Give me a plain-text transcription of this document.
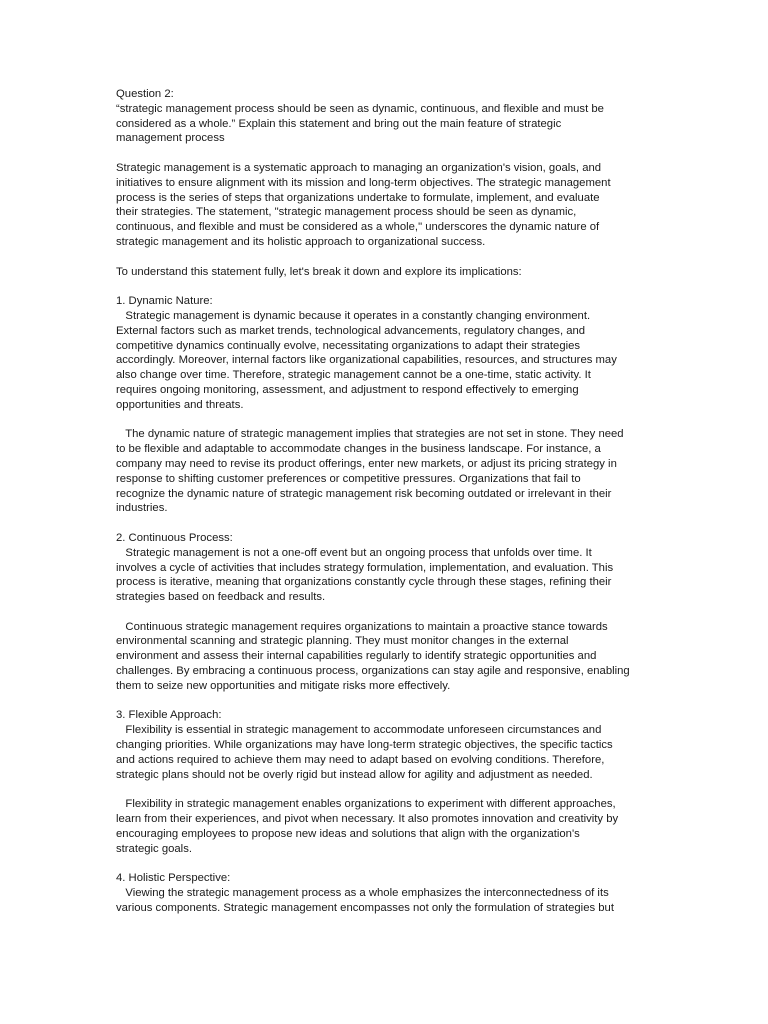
Question 2:
“strategic management process should be seen as dynamic, continuous, and flexible and must be
considered as a whole.” Explain this statement and bring out the main feature of strategic
management process
Strategic management is a systematic approach to managing an organization's vision, goals, and
initiatives to ensure alignment with its mission and long-term objectives. The strategic management
process is the series of steps that organizations undertake to formulate, implement, and evaluate
their strategies. The statement, "strategic management process should be seen as dynamic,
continuous, and flexible and must be considered as a whole," underscores the dynamic nature of
strategic management and its holistic approach to organizational success.
To understand this statement fully, let's break it down and explore its implications:
1. Dynamic Nature:
Strategic management is dynamic because it operates in a constantly changing environment.
External factors such as market trends, technological advancements, regulatory changes, and
competitive dynamics continually evolve, necessitating organizations to adapt their strategies
accordingly. Moreover, internal factors like organizational capabilities, resources, and structures may
also change over time. Therefore, strategic management cannot be a one-time, static activity. It
requires ongoing monitoring, assessment, and adjustment to respond effectively to emerging
opportunities and threats.
The dynamic nature of strategic management implies that strategies are not set in stone. They need
to be flexible and adaptable to accommodate changes in the business landscape. For instance, a
company may need to revise its product offerings, enter new markets, or adjust its pricing strategy in
response to shifting customer preferences or competitive pressures. Organizations that fail to
recognize the dynamic nature of strategic management risk becoming outdated or irrelevant in their
industries.
2. Continuous Process:
Strategic management is not a one-off event but an ongoing process that unfolds over time. It
involves a cycle of activities that includes strategy formulation, implementation, and evaluation. This
process is iterative, meaning that organizations constantly cycle through these stages, refining their
strategies based on feedback and results.
Continuous strategic management requires organizations to maintain a proactive stance towards
environmental scanning and strategic planning. They must monitor changes in the external
environment and assess their internal capabilities regularly to identify strategic opportunities and
challenges. By embracing a continuous process, organizations can stay agile and responsive, enabling
them to seize new opportunities and mitigate risks more effectively.
3. Flexible Approach:
Flexibility is essential in strategic management to accommodate unforeseen circumstances and
changing priorities. While organizations may have long-term strategic objectives, the specific tactics
and actions required to achieve them may need to adapt based on evolving conditions. Therefore,
strategic plans should not be overly rigid but instead allow for agility and adjustment as needed.
Flexibility in strategic management enables organizations to experiment with different approaches,
learn from their experiences, and pivot when necessary. It also promotes innovation and creativity by
encouraging employees to propose new ideas and solutions that align with the organization's
strategic goals.
4. Holistic Perspective:
Viewing the strategic management process as a whole emphasizes the interconnectedness of its
various components. Strategic management encompasses not only the formulation of strategies but
